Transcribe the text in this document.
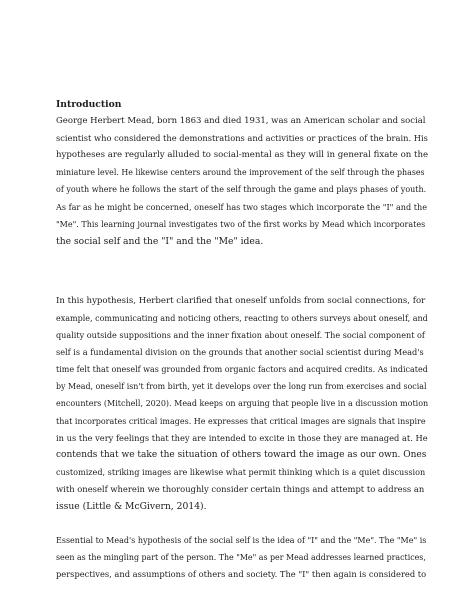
Introduction
George Herbert Mead, born 1863 and died 1931, was an American scholar and social
scientist who considered the demonstrations and activities or practices of the brain. His
hypotheses are regularly alluded to social-mental as they will in general fixate on the
miniature level. He likewise centers around the improvement of the self through the phases
of youth where he follows the start of the self through the game and plays phases of youth.
As far as he might be concerned, oneself has two stages which incorporate the "I" and the
"Me". This learning journal investigates two of the first works by Mead which incorporates
the social self and the "I" and the "Me" idea.
In this hypothesis, Herbert clarified that oneself unfolds from social connections, for
example, communicating and noticing others, reacting to others surveys about oneself, and
quality outside suppositions and the inner fixation about oneself. The social component of
self is a fundamental division on the grounds that another social scientist during Mead's
time felt that oneself was grounded from organic factors and acquired credits. As indicated
by Mead, oneself isn't from birth, yet it develops over the long run from exercises and social
encounters (Mitchell, 2020). Mead keeps on arguing that people live in a discussion motion
that incorporates critical images. He expresses that critical images are signals that inspire
in us the very feelings that they are intended to excite in those they are managed at. He
contends that we take the situation of others toward the image as our own. Ones
customized, striking images are likewise what permit thinking which is a quiet discussion
with oneself wherein we thoroughly consider certain things and attempt to address an
issue (Little & McGivern, 2014).
Essential to Mead's hypothesis of the social self is the idea of "I" and the "Me". The "Me" is
seen as the mingling part of the person. The "Me" as per Mead addresses learned practices,
perspectives, and assumptions of others and society. The "I" then again is considered to
